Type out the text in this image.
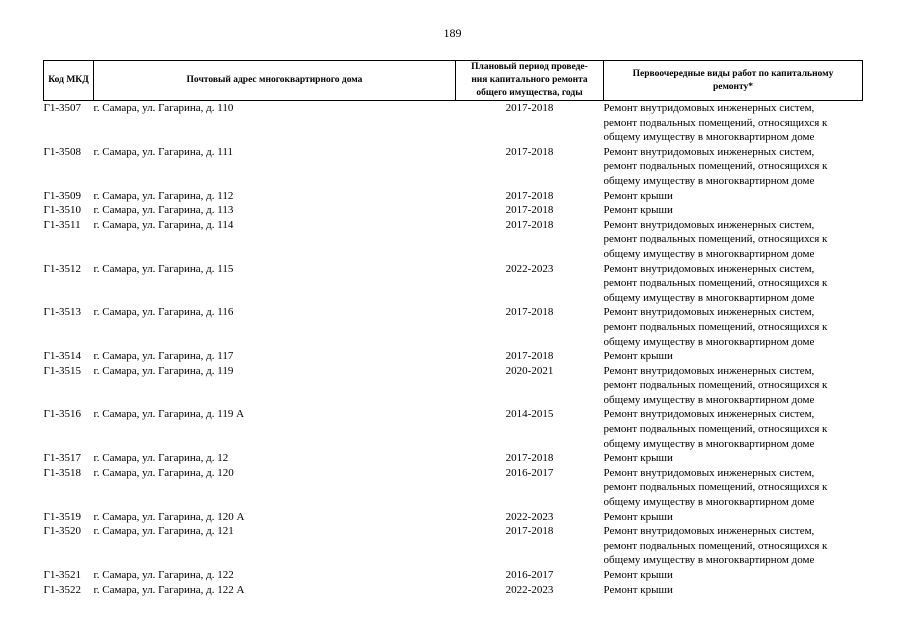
189
Код МКД	Почтовый адрес многоквартирного дома	Плановый период проведе-
ния капитального ремонта
общего имущества, годы	Первоочередные виды работ по капитальному
ремонту*

Г1-3507	г. Самара, ул. Гагарина, д. 110	2017-2018	Ремонт внутридомовых инженерных систем,
ремонт подвальных помещений, относящихся к
общему имуществу в многоквартирном доме

Г1-3508	г. Самара, ул. Гагарина, д. 111	2017-2018	Ремонт внутридомовых инженерных систем,
ремонт подвальных помещений, относящихся к
общему имуществу в многоквартирном доме

Г1-3509	г. Самара, ул. Гагарина, д. 112	2017-2018	Ремонт крыши

Г1-3510	г. Самара, ул. Гагарина, д. 113	2017-2018	Ремонт крыши

Г1-3511	г. Самара, ул. Гагарина, д. 114	2017-2018	Ремонт внутридомовых инженерных систем,
ремонт подвальных помещений, относящихся к
общему имуществу в многоквартирном доме

Г1-3512	г. Самара, ул. Гагарина, д. 115	2022-2023	Ремонт внутридомовых инженерных систем,
ремонт подвальных помещений, относящихся к
общему имуществу в многоквартирном доме

Г1-3513	г. Самара, ул. Гагарина, д. 116	2017-2018	Ремонт внутридомовых инженерных систем,
ремонт подвальных помещений, относящихся к
общему имуществу в многоквартирном доме

Г1-3514	г. Самара, ул. Гагарина, д. 117	2017-2018	Ремонт крыши

Г1-3515	г. Самара, ул. Гагарина, д. 119	2020-2021	Ремонт внутридомовых инженерных систем,
ремонт подвальных помещений, относящихся к
общему имуществу в многоквартирном доме

Г1-3516	г. Самара, ул. Гагарина, д. 119 А	2014-2015	Ремонт внутридомовых инженерных систем,
ремонт подвальных помещений, относящихся к
общему имуществу в многоквартирном доме

Г1-3517	г. Самара, ул. Гагарина, д. 12	2017-2018	Ремонт крыши

Г1-3518	г. Самара, ул. Гагарина, д. 120	2016-2017	Ремонт внутридомовых инженерных систем,
ремонт подвальных помещений, относящихся к
общему имуществу в многоквартирном доме

Г1-3519	г. Самара, ул. Гагарина, д. 120 А	2022-2023	Ремонт крыши

Г1-3520	г. Самара, ул. Гагарина, д. 121	2017-2018	Ремонт внутридомовых инженерных систем,
ремонт подвальных помещений, относящихся к
общему имуществу в многоквартирном доме

Г1-3521	г. Самара, ул. Гагарина, д. 122	2016-2017	Ремонт крыши

Г1-3522	г. Самара, ул. Гагарина, д. 122 А	2022-2023	Ремонт крыши
